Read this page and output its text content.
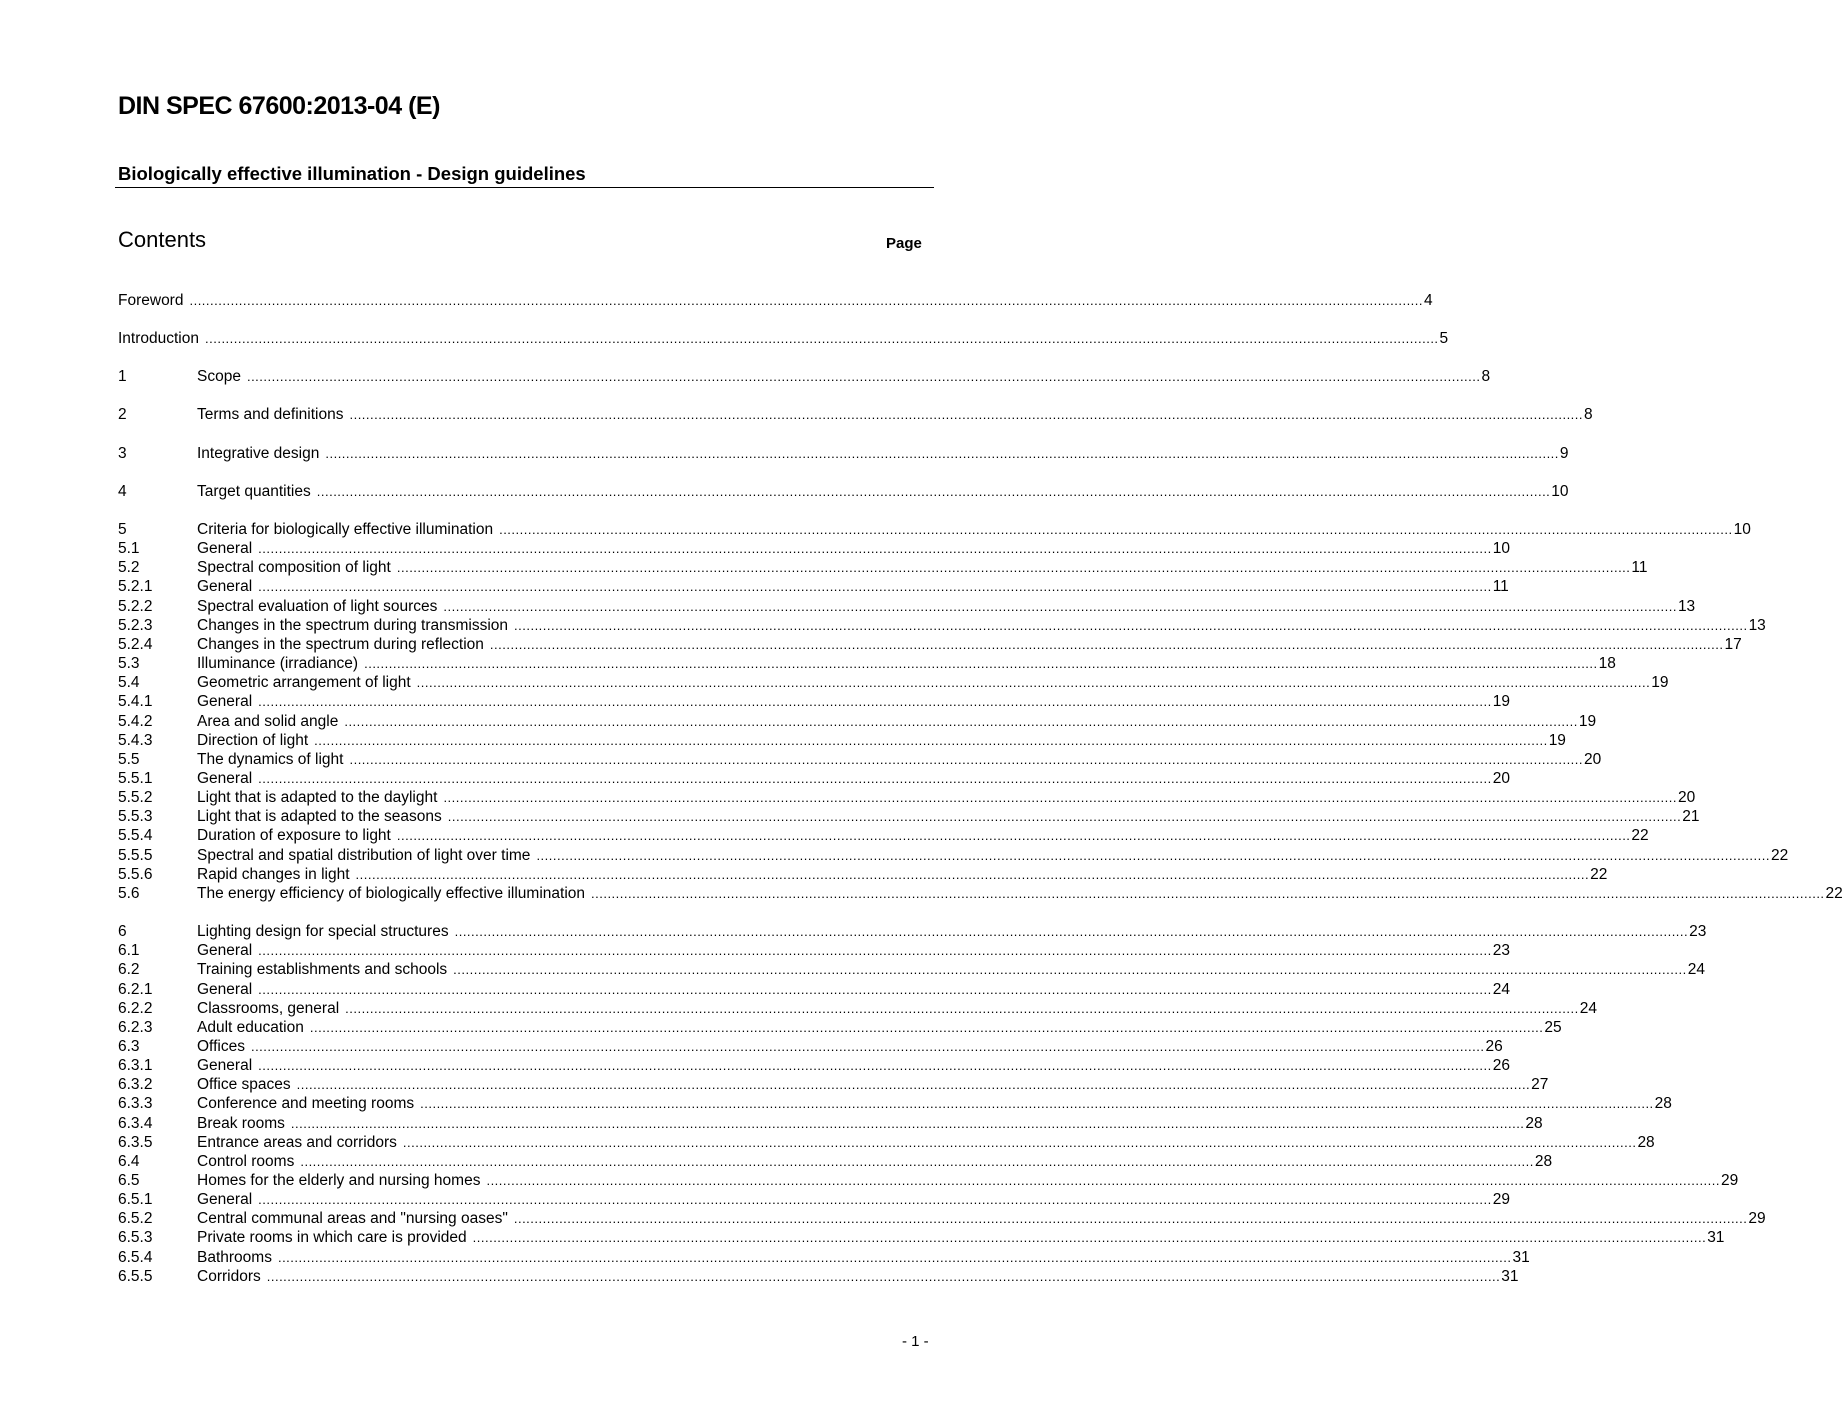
DIN SPEC 67600:2013-04 (E)
Biologically effective illumination - Design guidelines
Contents	Page
Foreword ............................................................................................................................................................................................................................................................................................................ 4
Introduction ............................................................................................................................................................................................................................................................................................................ 5
1	Scope ............................................................................................................................................................................................................................................................................................................ 8
2	Terms and definitions ............................................................................................................................................................................................................................................................................................................ 8
3	Integrative design ............................................................................................................................................................................................................................................................................................................ 9
4	Target quantities ............................................................................................................................................................................................................................................................................................................ 10
5	Criteria for biologically effective illumination ............................................................................................................................................................................................................................................................................................................ 10
5.1	General ............................................................................................................................................................................................................................................................................................................ 10
5.2	Spectral composition of light ............................................................................................................................................................................................................................................................................................................ 11
5.2.1	General ............................................................................................................................................................................................................................................................................................................ 11
5.2.2	Spectral evaluation of light sources ............................................................................................................................................................................................................................................................................................................ 13
5.2.3	Changes in the spectrum during transmission ............................................................................................................................................................................................................................................................................................................ 13
5.2.4	Changes in the spectrum during reflection ............................................................................................................................................................................................................................................................................................................ 17
5.3	Illuminance (irradiance) ............................................................................................................................................................................................................................................................................................................ 18
5.4	Geometric arrangement of light ............................................................................................................................................................................................................................................................................................................ 19
5.4.1	General ............................................................................................................................................................................................................................................................................................................ 19
5.4.2	Area and solid angle ............................................................................................................................................................................................................................................................................................................ 19
5.4.3	Direction of light ............................................................................................................................................................................................................................................................................................................ 19
5.5	The dynamics of light ............................................................................................................................................................................................................................................................................................................ 20
5.5.1	General ............................................................................................................................................................................................................................................................................................................ 20
5.5.2	Light that is adapted to the daylight ............................................................................................................................................................................................................................................................................................................ 20
5.5.3	Light that is adapted to the seasons ............................................................................................................................................................................................................................................................................................................ 21
5.5.4	Duration of exposure to light ............................................................................................................................................................................................................................................................................................................ 22
5.5.5	Spectral and spatial distribution of light over time ............................................................................................................................................................................................................................................................................................................ 22
5.5.6	Rapid changes in light ............................................................................................................................................................................................................................................................................................................ 22
5.6	The energy efficiency of biologically effective illumination ............................................................................................................................................................................................................................................................................................................ 22
6	Lighting design for special structures ............................................................................................................................................................................................................................................................................................................ 23
6.1	General ............................................................................................................................................................................................................................................................................................................ 23
6.2	Training establishments and schools ............................................................................................................................................................................................................................................................................................................ 24
6.2.1	General ............................................................................................................................................................................................................................................................................................................ 24
6.2.2	Classrooms, general ............................................................................................................................................................................................................................................................................................................ 24
6.2.3	Adult education ............................................................................................................................................................................................................................................................................................................ 25
6.3	Offices ............................................................................................................................................................................................................................................................................................................ 26
6.3.1	General ............................................................................................................................................................................................................................................................................................................ 26
6.3.2	Office spaces ............................................................................................................................................................................................................................................................................................................ 27
6.3.3	Conference and meeting rooms ............................................................................................................................................................................................................................................................................................................ 28
6.3.4	Break rooms ............................................................................................................................................................................................................................................................................................................ 28
6.3.5	Entrance areas and corridors ............................................................................................................................................................................................................................................................................................................ 28
6.4	Control rooms ............................................................................................................................................................................................................................................................................................................ 28
6.5	Homes for the elderly and nursing homes ............................................................................................................................................................................................................................................................................................................ 29
6.5.1	General ............................................................................................................................................................................................................................................................................................................ 29
6.5.2	Central communal areas and "nursing oases" ............................................................................................................................................................................................................................................................................................................ 29
6.5.3	Private rooms in which care is provided ............................................................................................................................................................................................................................................................................................................ 31
6.5.4	Bathrooms ............................................................................................................................................................................................................................................................................................................ 31
6.5.5	Corridors ............................................................................................................................................................................................................................................................................................................ 31
- 1 -
